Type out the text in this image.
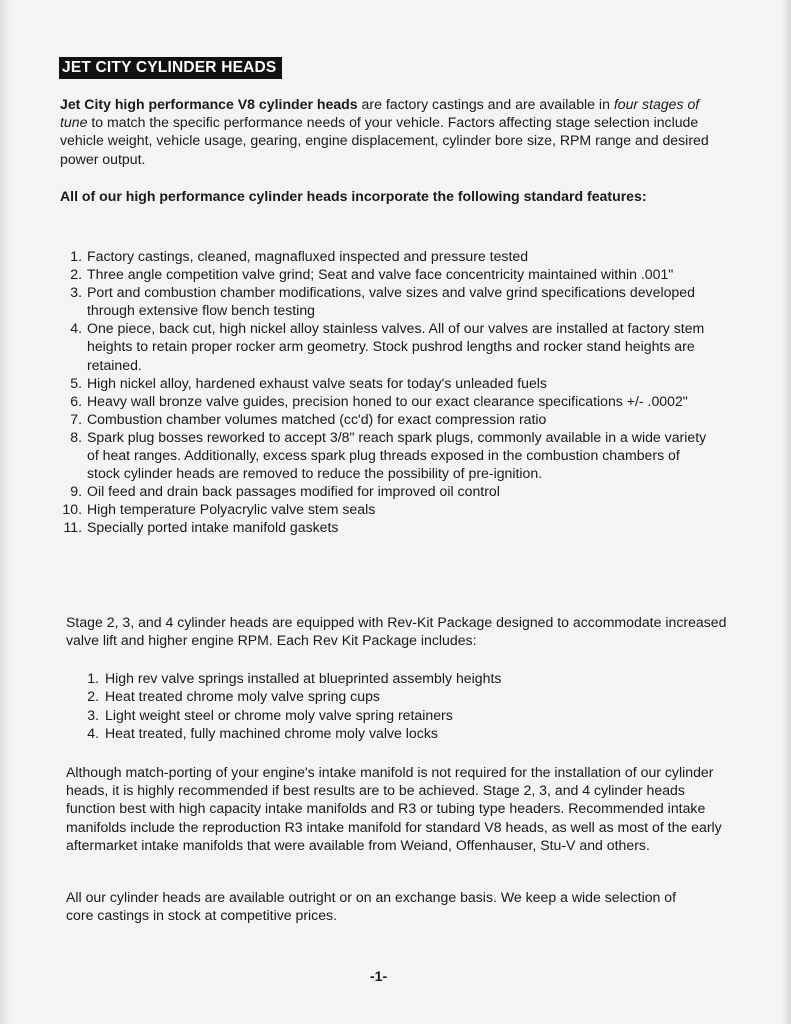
JET CITY CYLINDER HEADS
Jet City high performance V8 cylinder heads are factory castings and are available in four stages of tune to match the specific performance needs of your vehicle. Factors affecting stage selection include vehicle weight, vehicle usage, gearing, engine displacement, cylinder bore size, RPM range and desired power output.
All of our high performance cylinder heads incorporate the following standard features:
1. Factory castings, cleaned, magnafluxed inspected and pressure tested
2. Three angle competition valve grind; Seat and valve face concentricity maintained within .001"
3. Port and combustion chamber modifications, valve sizes and valve grind specifications developed through extensive flow bench testing
4. One piece, back cut, high nickel alloy stainless valves. All of our valves are installed at factory stem heights to retain proper rocker arm geometry. Stock pushrod lengths and rocker stand heights are retained.
5. High nickel alloy, hardened exhaust valve seats for today's unleaded fuels
6. Heavy wall bronze valve guides, precision honed to our exact clearance specifications +/- .0002"
7. Combustion chamber volumes matched (cc'd) for exact compression ratio
8. Spark plug bosses reworked to accept 3/8" reach spark plugs, commonly available in a wide variety of heat ranges. Additionally, excess spark plug threads exposed in the combustion chambers of stock cylinder heads are removed to reduce the possibility of pre-ignition.
9. Oil feed and drain back passages modified for improved oil control
10. High temperature Polyacrylic valve stem seals
11. Specially ported intake manifold gaskets
Stage 2, 3, and 4 cylinder heads are equipped with Rev-Kit Package designed to accommodate increased valve lift and higher engine RPM. Each Rev Kit Package includes:
1. High rev valve springs installed at blueprinted assembly heights
2. Heat treated chrome moly valve spring cups
3. Light weight steel or chrome moly valve spring retainers
4. Heat treated, fully machined chrome moly valve locks
Although match-porting of your engine's intake manifold is not required for the installation of our cylinder heads, it is highly recommended if best results are to be achieved. Stage 2, 3, and 4 cylinder heads function best with high capacity intake manifolds and R3 or tubing type headers. Recommended intake manifolds include the reproduction R3 intake manifold for standard V8 heads, as well as most of the early aftermarket intake manifolds that were available from Weiand, Offenhauser, Stu-V and others.
All our cylinder heads are available outright or on an exchange basis. We keep a wide selection of core castings in stock at competitive prices.
-1-
